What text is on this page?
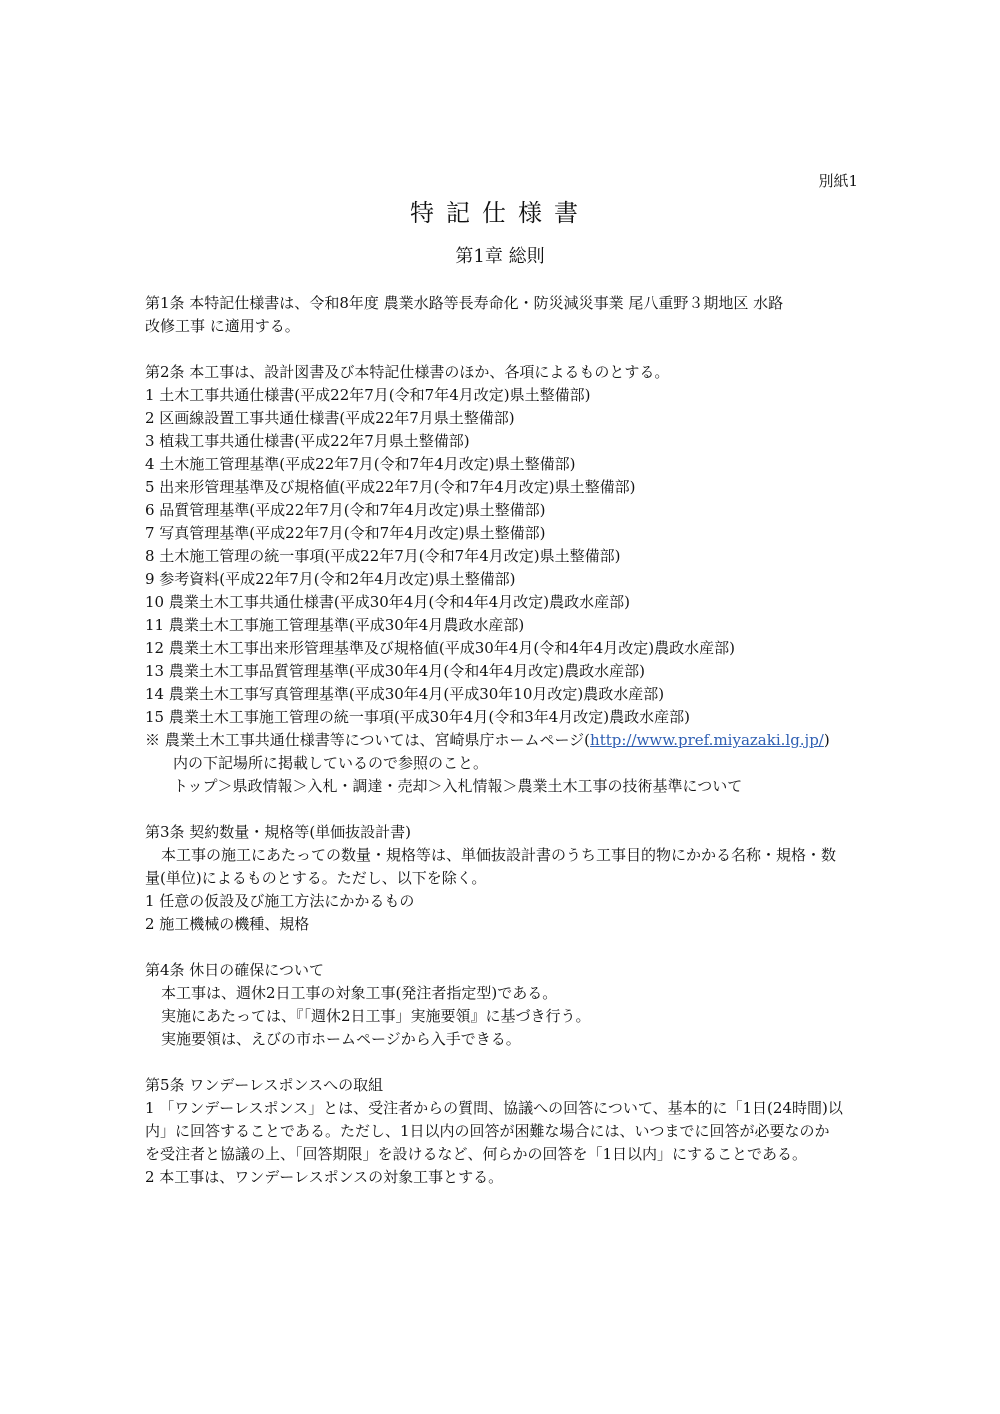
別紙1
特記仕様書
第1章 総則
第1条 本特記仕様書は、令和8年度 農業水路等長寿命化・防災減災事業 尾八重野３期地区 水路
改修工事 に適用する。
第2条 本工事は、設計図書及び本特記仕様書のほか、各項によるものとする。
1 土木工事共通仕様書(平成22年7月(令和7年4月改定)県土整備部)
2 区画線設置工事共通仕様書(平成22年7月県土整備部)
3 植栽工事共通仕様書(平成22年7月県土整備部)
4 土木施工管理基準(平成22年7月(令和7年4月改定)県土整備部)
5 出来形管理基準及び規格値(平成22年7月(令和7年4月改定)県土整備部)
6 品質管理基準(平成22年7月(令和7年4月改定)県土整備部)
7 写真管理基準(平成22年7月(令和7年4月改定)県土整備部)
8 土木施工管理の統一事項(平成22年7月(令和7年4月改定)県土整備部)
9 参考資料(平成22年7月(令和2年4月改定)県土整備部)
10 農業土木工事共通仕様書(平成30年4月(令和4年4月改定)農政水産部)
11 農業土木工事施工管理基準(平成30年4月農政水産部)
12 農業土木工事出来形管理基準及び規格値(平成30年4月(令和4年4月改定)農政水産部)
13 農業土木工事品質管理基準(平成30年4月(令和4年4月改定)農政水産部)
14 農業土木工事写真管理基準(平成30年4月(平成30年10月改定)農政水産部)
15 農業土木工事施工管理の統一事項(平成30年4月(令和3年4月改定)農政水産部)
※ 農業土木工事共通仕様書等については、宮崎県庁ホームページ(http://www.pref.miyazaki.lg.jp/)
内の下記場所に掲載しているので参照のこと。
トップ＞県政情報＞入札・調達・売却＞入札情報＞農業土木工事の技術基準について
第3条 契約数量・規格等(単価抜設計書)
本工事の施工にあたっての数量・規格等は、単価抜設計書のうち工事目的物にかかる名称・規格・数
量(単位)によるものとする。ただし、以下を除く。
1 任意の仮設及び施工方法にかかるもの
2 施工機械の機種、規格
第4条 休日の確保について
本工事は、週休2日工事の対象工事(発注者指定型)である。
実施にあたっては、『「週休2日工事」実施要領』に基づき行う。
実施要領は、えびの市ホームページから入手できる。
第5条 ワンデーレスポンスへの取組
1 「ワンデーレスポンス」とは、受注者からの質問、協議への回答について、基本的に「1日(24時間)以
内」に回答することである。ただし、1日以内の回答が困難な場合には、いつまでに回答が必要なのか
を受注者と協議の上、「回答期限」を設けるなど、何らかの回答を「1日以内」にすることである。
2 本工事は、ワンデーレスポンスの対象工事とする。
